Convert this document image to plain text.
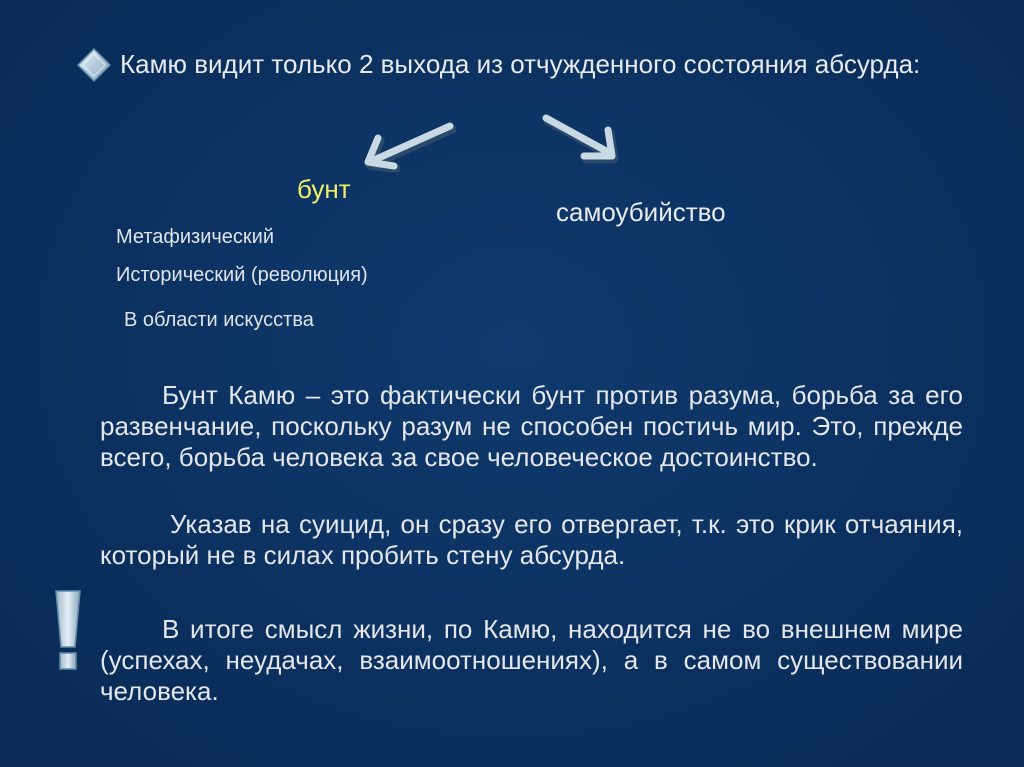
Камю видит только 2 выхода из отчужденного состояния абсурда:
бунт
самоубийство
Метафизический
Исторический (революция)
В области искусства
Бунт Камю – это фактически бунт против разума, борьба за его развенчание, поскольку разум не способен постичь мир. Это, прежде всего, борьба человека за свое человеческое достоинство.
Указав на суицид, он сразу его отвергает, т.к. это крик отчаяния, который не в силах пробить стену абсурда.
В итоге смысл жизни, по Камю, находится не во внешнем мире (успехах, неудачах, взаимоотношениях), а в самом существовании человека.
